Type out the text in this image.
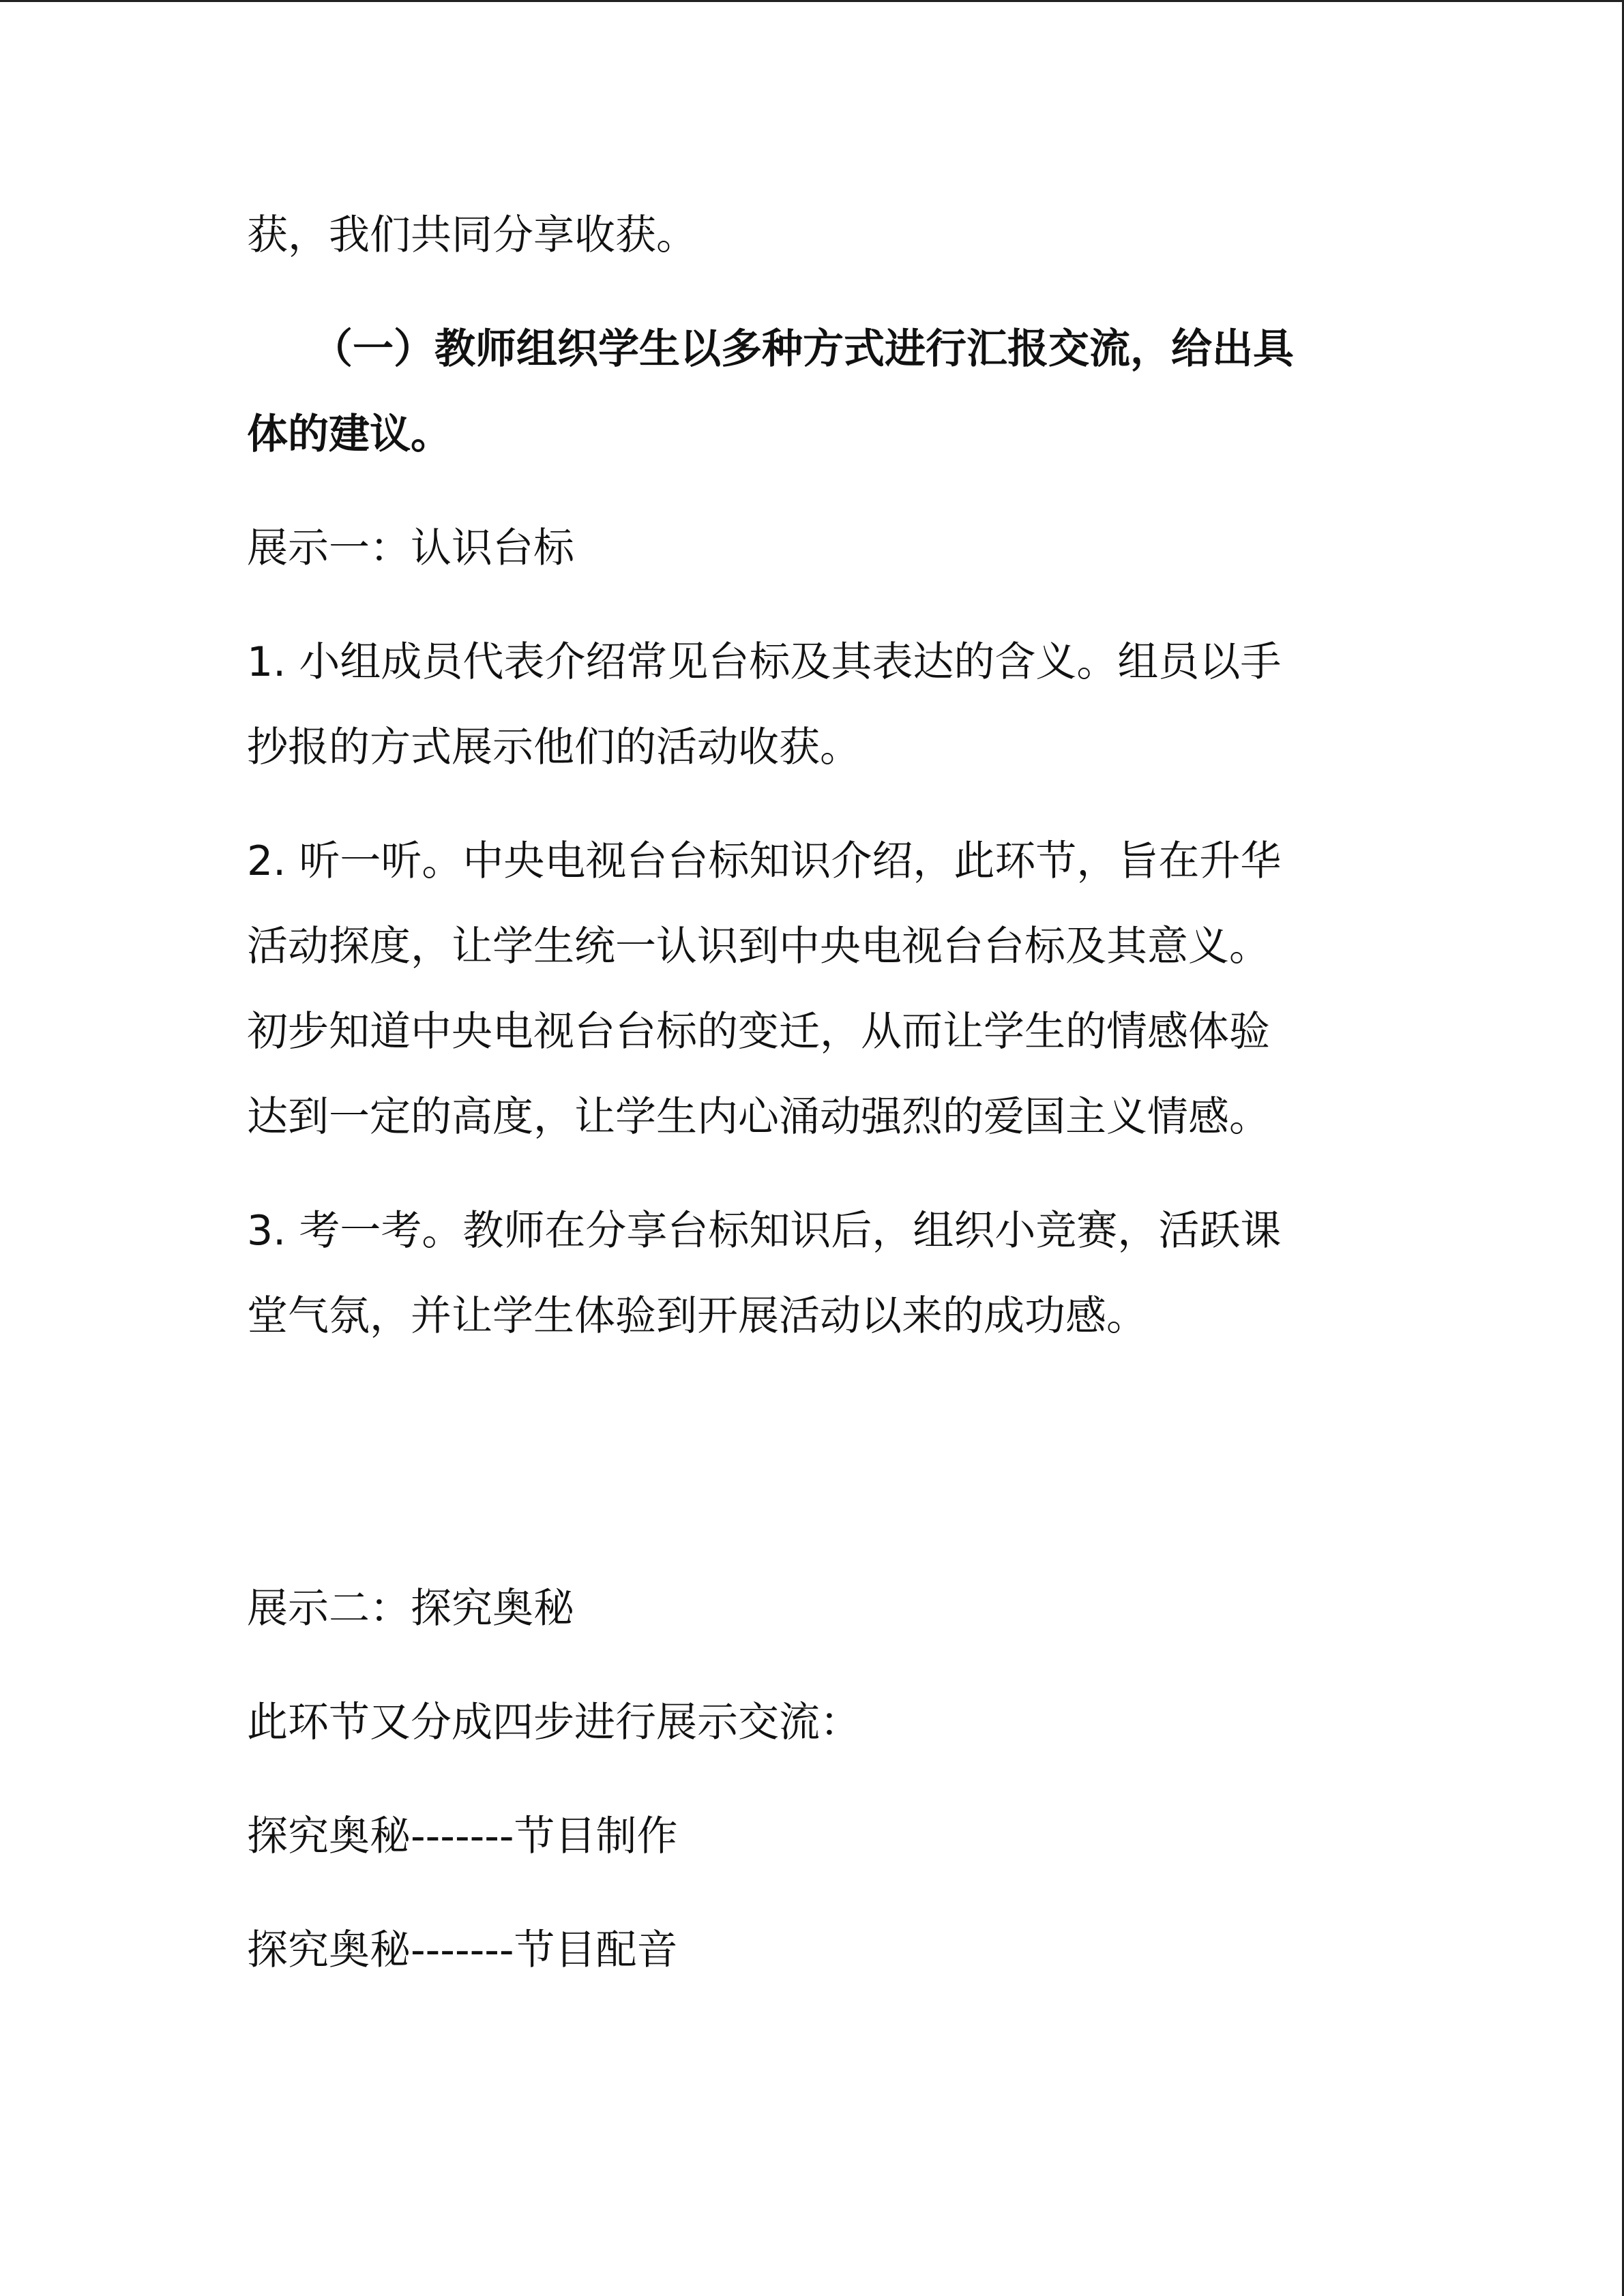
获，我们共同分享收获。
（一）教师组织学生以多种方式进行汇报交流，给出具
体的建议。
展示一：认识台标
1. 小组成员代表介绍常见台标及其表达的含义。组员以手
抄报的方式展示他们的活动收获。
2. 听一听。中央电视台台标知识介绍，此环节，旨在升华
活动探度，让学生统一认识到中央电视台台标及其意义。
初步知道中央电视台台标的变迁，从而让学生的情感体验
达到一定的高度，让学生内心涌动强烈的爱国主义情感。
3. 考一考。教师在分享台标知识后，组织小竞赛，活跃课
堂气氛，并让学生体验到开展活动以来的成功感。
展示二：探究奥秘
此环节又分成四步进行展示交流：
探究奥秘-------节目制作
探究奥秘-------节目配音
